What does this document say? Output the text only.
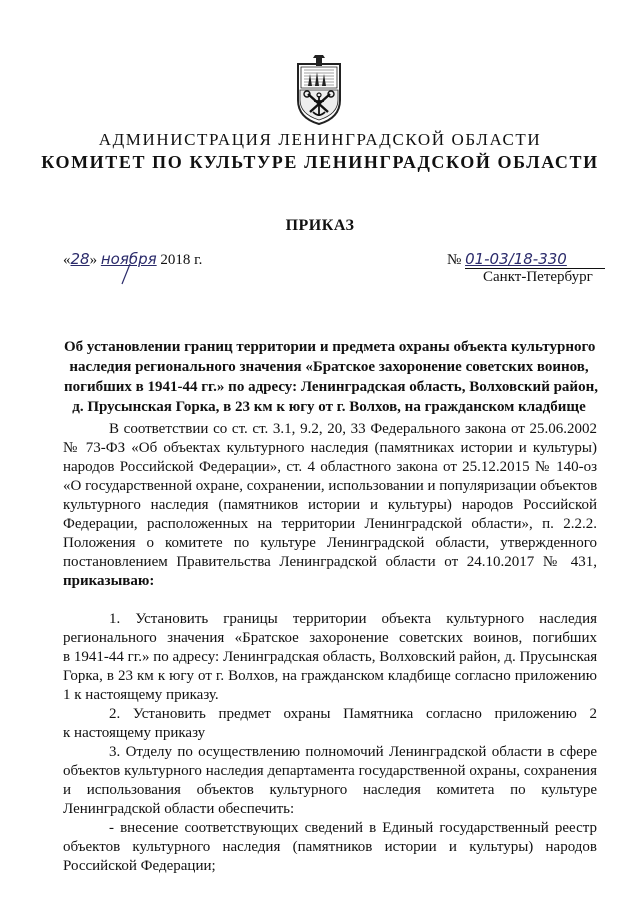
АДМИНИСТРАЦИЯ ЛЕНИНГРАДСКОЙ ОБЛАСТИ
КОМИТЕТ ПО КУЛЬТУРЕ ЛЕНИНГРАДСКОЙ ОБЛАСТИ
ПРИКАЗ
«28» ноября 2018 г.	№ 01-03/18-330
Санкт-Петербург
Об установлении границ территории и предмета охраны объекта культурного
наследия регионального значения «Братское захоронение советских воинов,
погибших в 1941-44 гг.» по адресу: Ленинградская область, Волховский район,
д. Прусынская Горка, в 23 км к югу от г. Волхов, на гражданском кладбище
В соответствии со ст. ст. 3.1, 9.2, 20, 33 Федерального закона от 25.06.2002
№ 73-ФЗ «Об объектах культурного наследия (памятниках истории и культуры)
народов Российской Федерации», ст. 4 областного закона от 25.12.2015 № 140-оз
«О государственной охране, сохранении, использовании и популяризации объектов
культурного наследия (памятников истории и культуры) народов Российской
Федерации, расположенных на территории Ленинградской области», п. 2.2.2.
Положения о комитете по культуре Ленинградской области, утвержденного
постановлением Правительства Ленинградской области от 24.10.2017 № 431,
приказываю:
1. Установить границы территории объекта культурного наследия
регионального значения «Братское захоронение советских воинов, погибших
в 1941-44 гг.» по адресу: Ленинградская область, Волховский район, д. Прусынская
Горка, в 23 км к югу от г. Волхов, на гражданском кладбище согласно приложению
1 к настоящему приказу.
2. Установить предмет охраны Памятника согласно приложению 2
к настоящему приказу
3. Отделу по осуществлению полномочий Ленинградской области в сфере
объектов культурного наследия департамента государственной охраны, сохранения
и использования объектов культурного наследия комитета по культуре
Ленинградской области обеспечить:
- внесение соответствующих сведений в Единый государственный реестр
объектов культурного наследия (памятников истории и культуры) народов
Российской Федерации;
